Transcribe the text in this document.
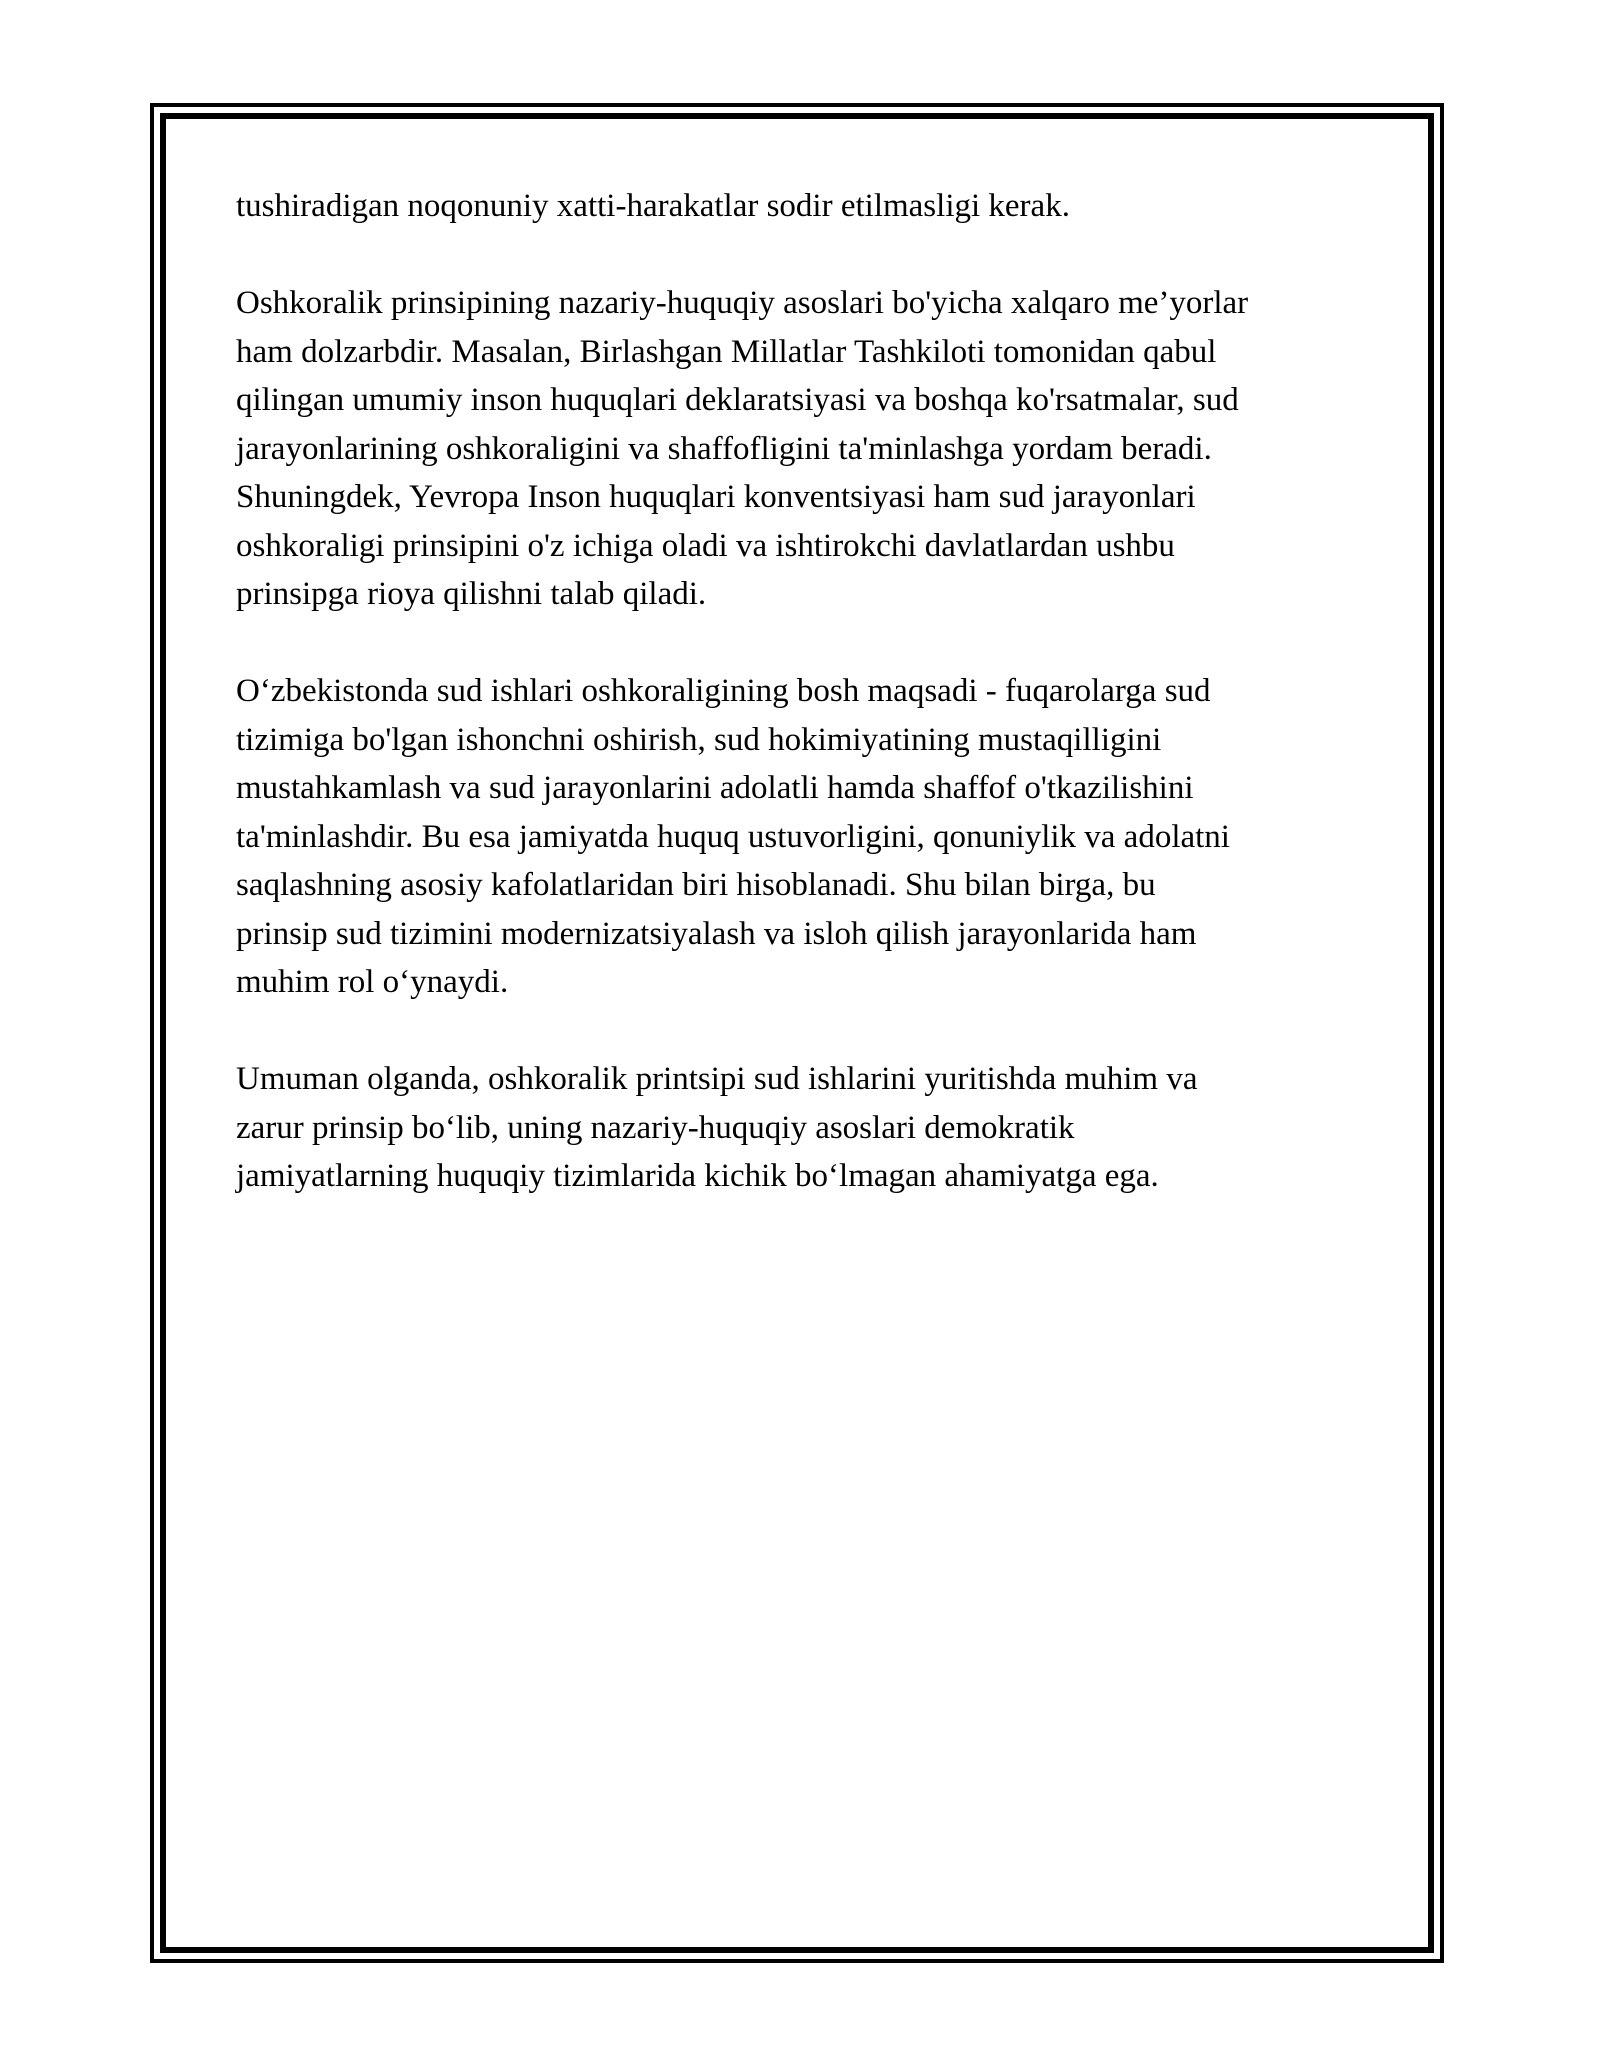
tushiradigan noqonuniy xatti-harakatlar sodir etilmasligi kerak.

Oshkoralik prinsipining nazariy-huquqiy asoslari bo'yicha xalqaro me’yorlar
ham dolzarbdir. Masalan, Birlashgan Millatlar Tashkiloti tomonidan qabul
qilingan umumiy inson huquqlari deklaratsiyasi va boshqa ko'rsatmalar, sud
jarayonlarining oshkoraligini va shaffofligini ta'minlashga yordam beradi.
Shuningdek, Yevropa Inson huquqlari konventsiyasi ham sud jarayonlari
oshkoraligi prinsipini o'z ichiga oladi va ishtirokchi davlatlardan ushbu
prinsipga rioya qilishni talab qiladi.

O‘zbekistonda sud ishlari oshkoraligining bosh maqsadi - fuqarolarga sud
tizimiga bo'lgan ishonchni oshirish, sud hokimiyatining mustaqilligini
mustahkamlash va sud jarayonlarini adolatli hamda shaffof o'tkazilishini
ta'minlashdir. Bu esa jamiyatda huquq ustuvorligini, qonuniylik va adolatni
saqlashning asosiy kafolatlaridan biri hisoblanadi. Shu bilan birga, bu
prinsip sud tizimini modernizatsiyalash va isloh qilish jarayonlarida ham
muhim rol o‘ynaydi.

Umuman olganda, oshkoralik printsipi sud ishlarini yuritishda muhim va
zarur prinsip bo‘lib, uning nazariy-huquqiy asoslari demokratik
jamiyatlarning huquqiy tizimlarida kichik bo‘lmagan ahamiyatga ega.
